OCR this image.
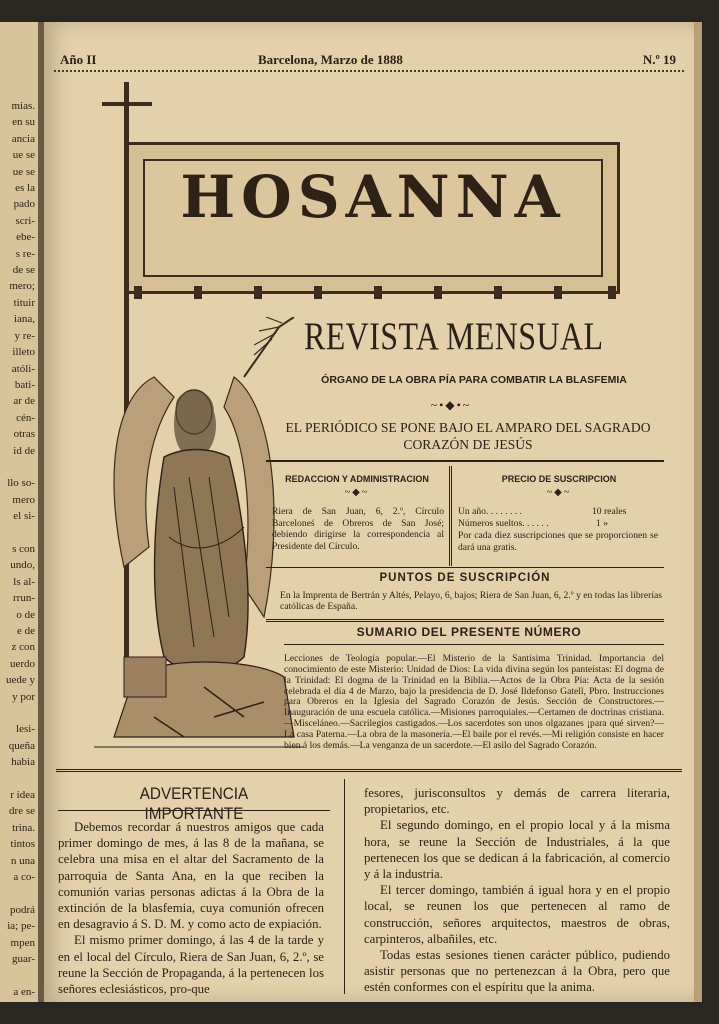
mias.
en su
ancia
ue se
ue se
es la
pado
scri-
ebe-
s re-
de se
mero;
tituir
iana,
y re-
illeto
atóli-
bati-
ar de
cén-
otras
id de

llo so-
mero
el si-

s con
undo,
ls al-
rrun-
o de
e de
z con
uerdo
uede y
y por

lesi-
queña
habia

r idea
dre se
trina.
tintos
n una
a co-

podrá
ia; pe-
mpen
guar-

a en-
Año II	Barcelona, Marzo de 1888	N.º 19
HOSANNA
REVISTA MENSUAL
ÓRGANO DE LA OBRA PÍA PARA COMBATIR LA BLASFEMIA
~•◆•~
EL PERIÓDICO SE PONE BAJO EL AMPARO DEL SAGRADO CORAZÓN DE JESÚS
REDACCION Y ADMINISTRACION
~◆~
Riera de San Juan, 6, 2.º, Círculo Barceloneś de Obreros de San José; debiendo dirigirse la correspondencia al Presidente del Círculo.
PRECIO DE SUSCRIPCION
~◆~
Un año. . . . . . . .	10 reales
Números sueltos. . . . . .	1 »
Por cada diez suscripciones que se proporcionen se dará una gratis.
PUNTOS DE SUSCRIPCIÓN
En la Imprenta de Bertrán y Altés, Pelayo, 6, bajos; Riera de San Juan, 6, 2.º y en todas las librerías católicas de España.
SUMARIO DEL PRESENTE NÚMERO
Lecciones de Teología popular.—El Misterio de la Santísima Trinidad. Importancia del conocimiento de este Misterio: Unidad de Dios: La vida divina según los panteístas: El dogma de la Trinidad: El dogma de la Trinidad en la Biblia.—Actos de la Obra Pía: Acta de la sesión celebrada el día 4 de Marzo, bajo la presidencia de D. José Ildefonso Gatell, Pbro. Instrucciones para Obreros en la Iglesia del Sagrado Corazón de Jesús. Sección de Constructores.—Inauguración de una escuela católica.—Misiones parroquiales.—Certamen de doctrinas cristiana.—Misceláneo.—Sacrilegios castigados.—Los sacerdotes son unos olgazanes ¡para qué sirven?—La casa Paterna.—La obra de la masonería.—El baile por el revés.—Mi religión consiste en hacer bien á los demás.—La venganza de un sacerdote.—El asilo del Sagrado Corazón.
ADVERTENCIA IMPORTANTE

Debemos recordar á nuestros amigos que cada primer domingo de mes, á las 8 de la mañana, se celebra una misa en el altar del Sacramento de la parroquia de Santa Ana, en la que reciben la comunión varias personas adictas á la Obra de la extinción de la blasfemia, cuya comunión ofrecen en desagravio á S. D. M. y como acto de expiación.

El mismo primer domingo, á las 4 de la tarde y en el local del Círculo, Riera de San Juan, 6, 2.º, se reune la Sección de Propaganda, á la pertenecen los señores eclesiásticos, pro-que

fesores, jurisconsultos y demás de carrera literaria, propietarios, etc.

El segundo domingo, en el propio local y á la misma hora, se reune la Sección de Industriales, á la que pertenecen los que se dedican á la fabricación, al comercio y á la industria.

El tercer domingo, también á igual hora y en el propio local, se reunen los que pertenecen al ramo de construcción, señores arquitectos, maestros de obras, carpinteros, albañiles, etc.

Todas estas sesiones tienen carácter público, pudiendo asistir personas que no pertenezcan á la Obra, pero que estén conformes con el espíritu que la anima.
